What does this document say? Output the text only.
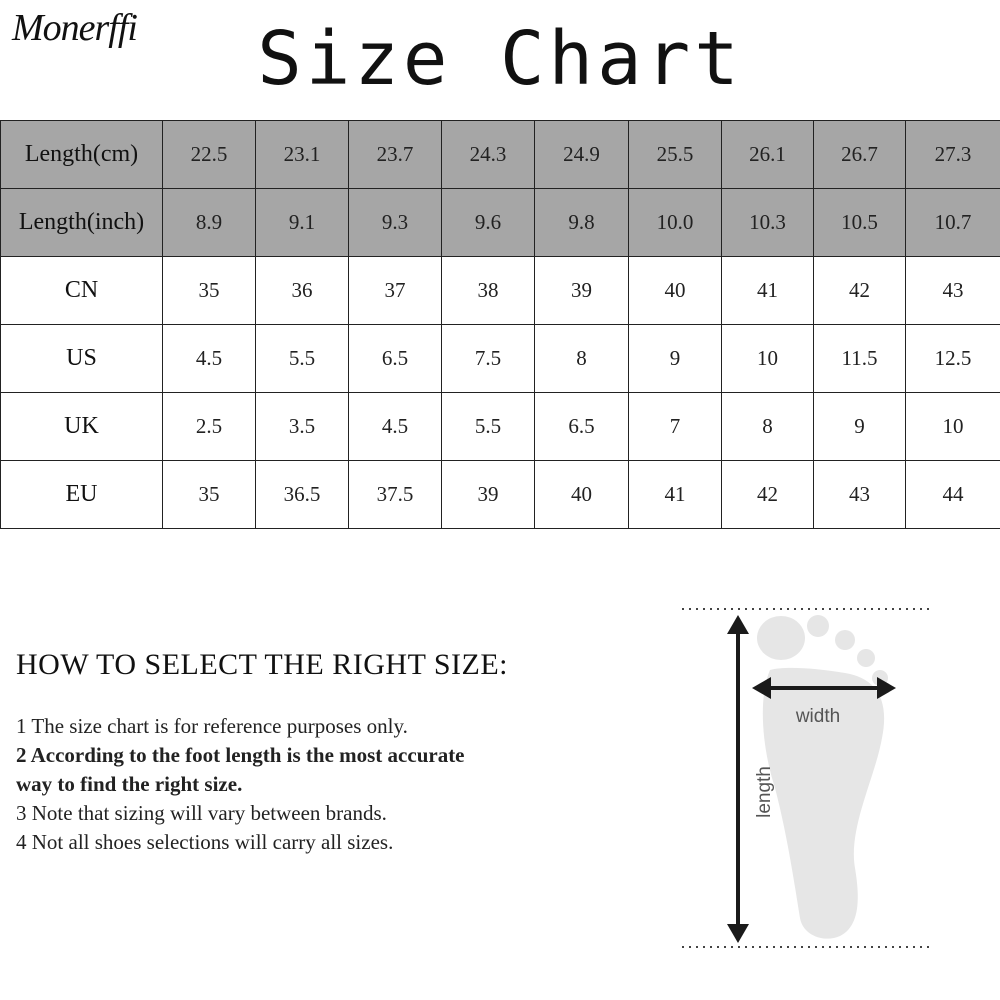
Monerffi	Size Chart
Length(cm)	22.5	23.1	23.7	24.3	24.9	25.5	26.1	26.7	27.3
Length(inch)	8.9	9.1	9.3	9.6	9.8	10.0	10.3	10.5	10.7
CN	35	36	37	38	39	40	41	42	43
US	4.5	5.5	6.5	7.5	8	9	10	11.5	12.5
UK	2.5	3.5	4.5	5.5	6.5	7	8	9	10
EU	35	36.5	37.5	39	40	41	42	43	44
HOW TO SELECT THE RIGHT SIZE:

1 The size chart is for reference purposes only.

2 According to the foot length is the most accurate way to find the right size.

3 Note that sizing will vary between brands.

4 Not all shoes selections will carry all sizes.

width
length
